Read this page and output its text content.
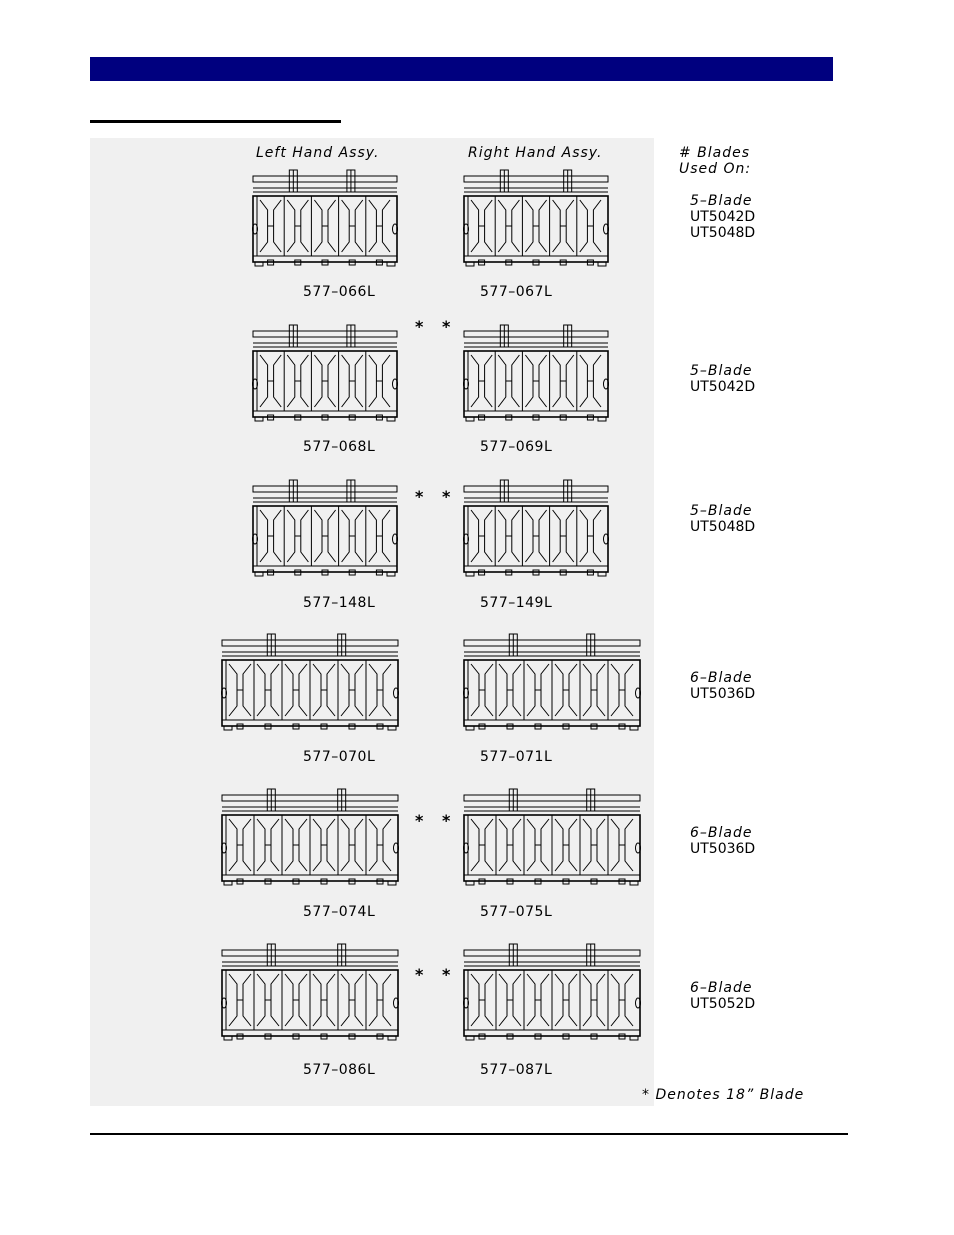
Left Hand Assy.	Right Hand Assy.	# Blades
Used On:
577–066L	577–067L
5–Blade
UT5042D
UT5048D
* *
577–068L	577–069L
5–Blade
UT5042D
* *
577–148L	577–149L
5–Blade
UT5048D
577–070L	577–071L
6–Blade
UT5036D
* *
577–074L	577–075L
6–Blade
UT5036D
* *
577–086L	577–087L
6–Blade
UT5052D
* Denotes 18” Blade
